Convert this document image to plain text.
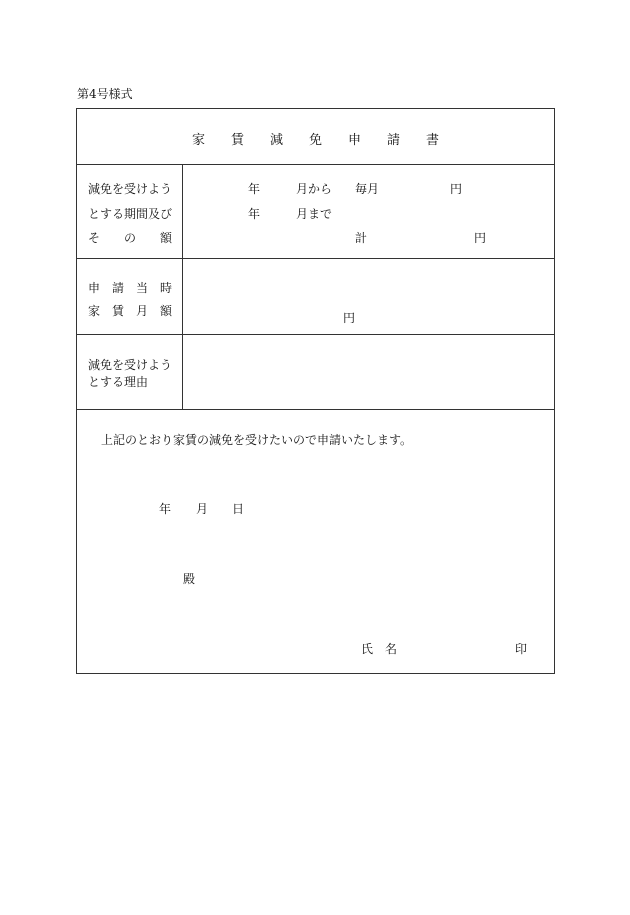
第4号様式
家 賃 減 免 申 請 書
減免を受けよう
とする期間及び
そ の 額
年	月から 毎月	円
年	月まで
計	円
申 請 当 時
家 賃 月 額	円
減免を受けよう
とする理由
上記のとおり家賃の減免を受けたいので申請いたします。
年 月 日
殿
氏 名	印
